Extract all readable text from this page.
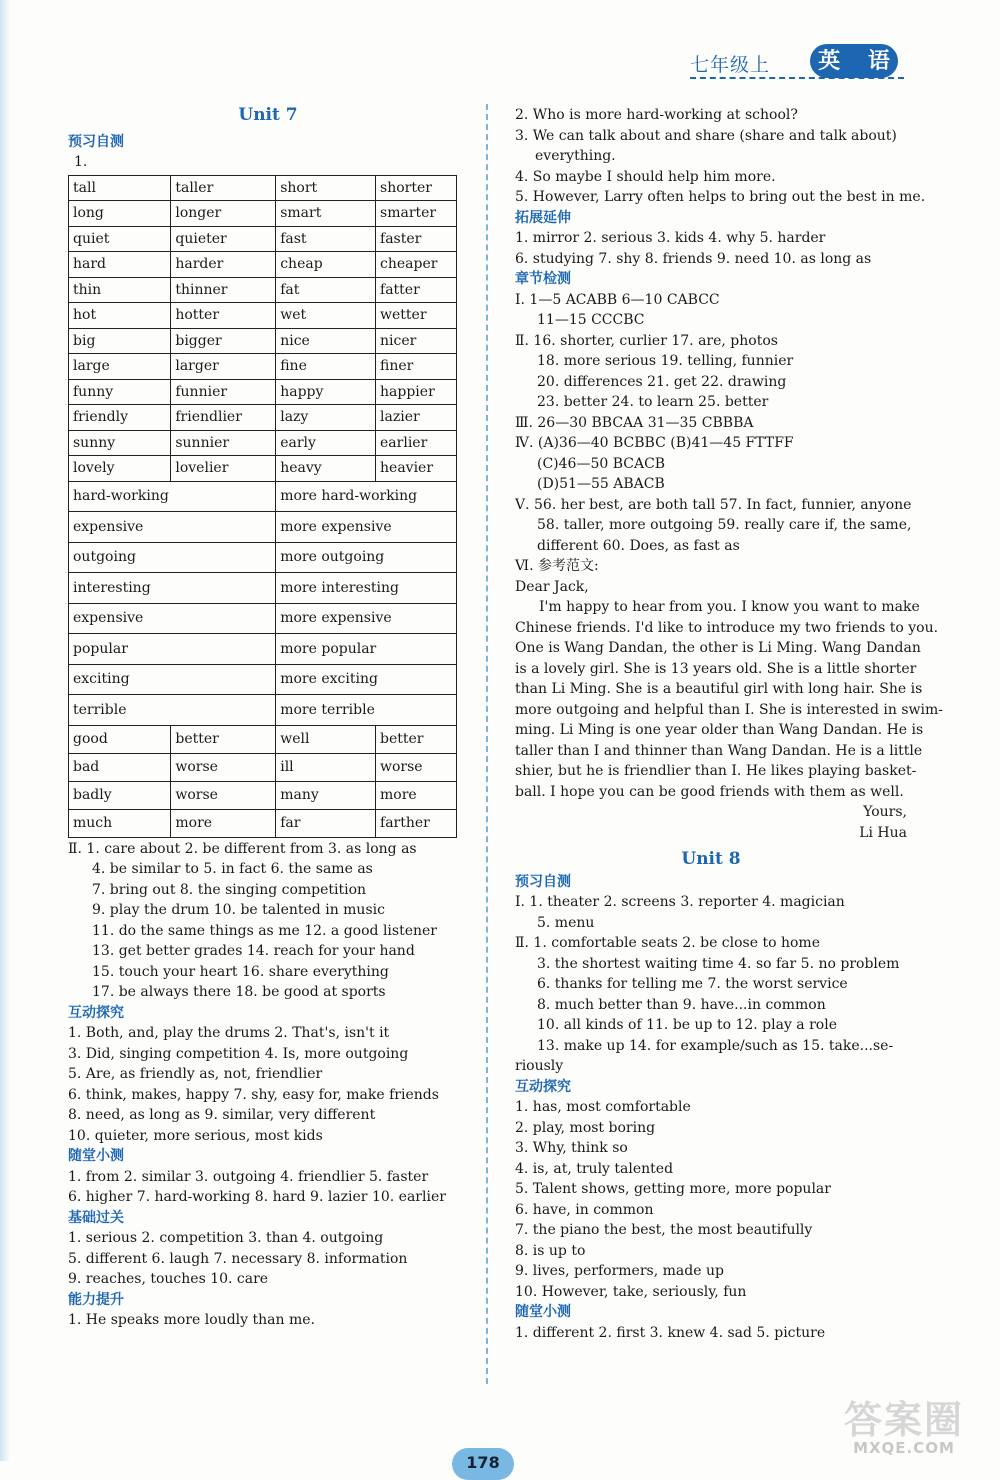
七年级上	英 语
Unit 7
预习自测
1.
tall	taller	short	shorter
long	longer	smart	smarter
quiet	quieter	fast	faster
hard	harder	cheap	cheaper
thin	thinner	fat	fatter
hot	hotter	wet	wetter
big	bigger	nice	nicer
large	larger	fine	finer
funny	funnier	happy	happier
friendly	friendlier	lazy	lazier
sunny	sunnier	early	earlier
lovely	lovelier	heavy	heavier
hard-working		more hard-working	
expensive		more expensive	
outgoing		more outgoing	
interesting		more interesting	
expensive		more expensive	
popular		more popular	
exciting		more exciting	
terrible		more terrible	
good	better	well	better
bad	worse	ill	worse
badly	worse	many	more
much	more	far	farther
Ⅱ. 1. care about 2. be different from 3. as long as
4. be similar to 5. in fact 6. the same as
7. bring out 8. the singing competition
9. play the drum 10. be talented in music
11. do the same things as me 12. a good listener
13. get better grades 14. reach for your hand
15. touch your heart 16. share everything
17. be always there 18. be good at sports
互动探究
1. Both, and, play the drums 2. That's, isn't it
3. Did, singing competition 4. Is, more outgoing
5. Are, as friendly as, not, friendlier
6. think, makes, happy 7. shy, easy for, make friends
8. need, as long as 9. similar, very different
10. quieter, more serious, most kids
随堂小测
1. from 2. similar 3. outgoing 4. friendlier 5. faster
6. higher 7. hard-working 8. hard 9. lazier 10. earlier
基础过关
1. serious 2. competition 3. than 4. outgoing
5. different 6. laugh 7. necessary 8. information
9. reaches, touches 10. care
能力提升
1. He speaks more loudly than me.
2. Who is more hard-working at school?
3. We can talk about and share (share and talk about)
everything.
4. So maybe I should help him more.
5. However, Larry often helps to bring out the best in me.
拓展延伸
1. mirror 2. serious 3. kids 4. why 5. harder
6. studying 7. shy 8. friends 9. need 10. as long as
章节检测
Ⅰ. 1—5 ACABB 6—10 CABCC
11—15 CCCBC
Ⅱ. 16. shorter, curlier 17. are, photos
18. more serious 19. telling, funnier
20. differences 21. get 22. drawing
23. better 24. to learn 25. better
Ⅲ. 26—30 BBCAA 31—35 CBBBA
Ⅳ. (A)36—40 BCBBC (B)41—45 FTTFF
(C)46—50 BCACB
(D)51—55 ABACB
Ⅴ. 56. her best, are both tall 57. In fact, funnier, anyone
58. taller, more outgoing 59. really care if, the same,
different 60. Does, as fast as
Ⅵ. 参考范文:
Dear Jack,
I'm happy to hear from you. I know you want to make
Chinese friends. I'd like to introduce my two friends to you.
One is Wang Dandan, the other is Li Ming. Wang Dandan
is a lovely girl. She is 13 years old. She is a little shorter
than Li Ming. She is a beautiful girl with long hair. She is
more outgoing and helpful than I. She is interested in swim-
ming. Li Ming is one year older than Wang Dandan. He is
taller than I and thinner than Wang Dandan. He is a little
shier, but he is friendlier than I. He likes playing basket-
ball. I hope you can be good friends with them as well.
Yours,
Li Hua
Unit 8
预习自测
Ⅰ. 1. theater 2. screens 3. reporter 4. magician
5. menu
Ⅱ. 1. comfortable seats 2. be close to home
3. the shortest waiting time 4. so far 5. no problem
6. thanks for telling me 7. the worst service
8. much better than 9. have...in common
10. all kinds of 11. be up to 12. play a role
13. make up 14. for example/such as 15. take...se-
riously
互动探究
1. has, most comfortable
2. play, most boring
3. Why, think so
4. is, at, truly talented
5. Talent shows, getting more, more popular
6. have, in common
7. the piano the best, the most beautifully
8. is up to
9. lives, performers, made up
10. However, take, seriously, fun
随堂小测
1. different 2. first 3. knew 4. sad 5. picture
178
答案圈
MXQE.COM
